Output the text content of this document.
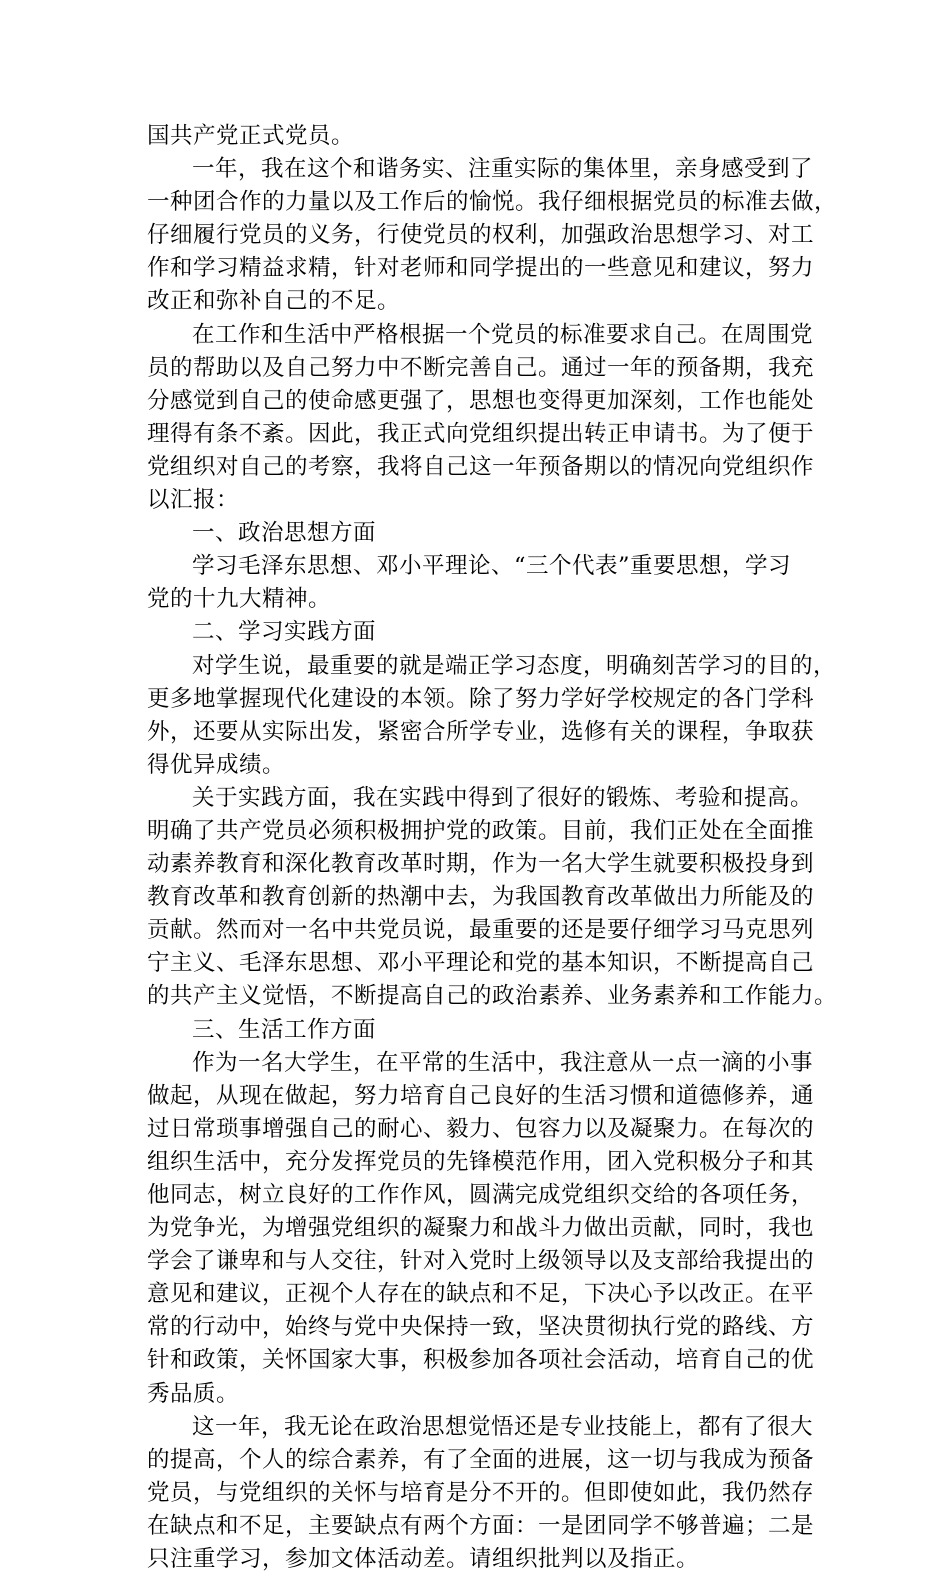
国共产党正式党员。
一年，我在这个和谐务实、注重实际的集体里，亲身感受到了
一种团合作的力量以及工作后的愉悦。我仔细根据党员的标准去做，
仔细履行党员的义务，行使党员的权利，加强政治思想学习、对工
作和学习精益求精，针对老师和同学提出的一些意见和建议，努力
改正和弥补自己的不足。
在工作和生活中严格根据一个党员的标准要求自己。在周围党
员的帮助以及自己努力中不断完善自己。通过一年的预备期，我充
分感觉到自己的使命感更强了，思想也变得更加深刻，工作也能处
理得有条不紊。因此，我正式向党组织提出转正申请书。为了便于
党组织对自己的考察，我将自己这一年预备期以的情况向党组织作
以汇报：
一、政治思想方面
学习毛泽东思想、邓小平理论、“三个代表”重要思想，学习
党的十九大精神。
二、学习实践方面
对学生说，最重要的就是端正学习态度，明确刻苦学习的目的，
更多地掌握现代化建设的本领。除了努力学好学校规定的各门学科
外，还要从实际出发，紧密合所学专业，选修有关的课程，争取获
得优异成绩。
关于实践方面，我在实践中得到了很好的锻炼、考验和提高。
明确了共产党员必须积极拥护党的政策。目前，我们正处在全面推
动素养教育和深化教育改革时期，作为一名大学生就要积极投身到
教育改革和教育创新的热潮中去，为我国教育改革做出力所能及的
贡献。然而对一名中共党员说，最重要的还是要仔细学习马克思列
宁主义、毛泽东思想、邓小平理论和党的基本知识，不断提高自己
的共产主义觉悟，不断提高自己的政治素养、业务素养和工作能力。
三、生活工作方面
作为一名大学生，在平常的生活中，我注意从一点一滴的小事
做起，从现在做起，努力培育自己良好的生活习惯和道德修养，通
过日常琐事增强自己的耐心、毅力、包容力以及凝聚力。在每次的
组织生活中，充分发挥党员的先锋模范作用，团入党积极分子和其
他同志，树立良好的工作作风，圆满完成党组织交给的各项任务，
为党争光，为增强党组织的凝聚力和战斗力做出贡献，同时，我也
学会了谦卑和与人交往，针对入党时上级领导以及支部给我提出的
意见和建议，正视个人存在的缺点和不足，下决心予以改正。在平
常的行动中，始终与党中央保持一致，坚决贯彻执行党的路线、方
针和政策，关怀国家大事，积极参加各项社会活动，培育自己的优
秀品质。
这一年，我无论在政治思想觉悟还是专业技能上，都有了很大
的提高，个人的综合素养，有了全面的进展，这一切与我成为预备
党员，与党组织的关怀与培育是分不开的。但即使如此，我仍然存
在缺点和不足，主要缺点有两个方面：一是团同学不够普遍；二是
只注重学习，参加文体活动差。请组织批判以及指正。
